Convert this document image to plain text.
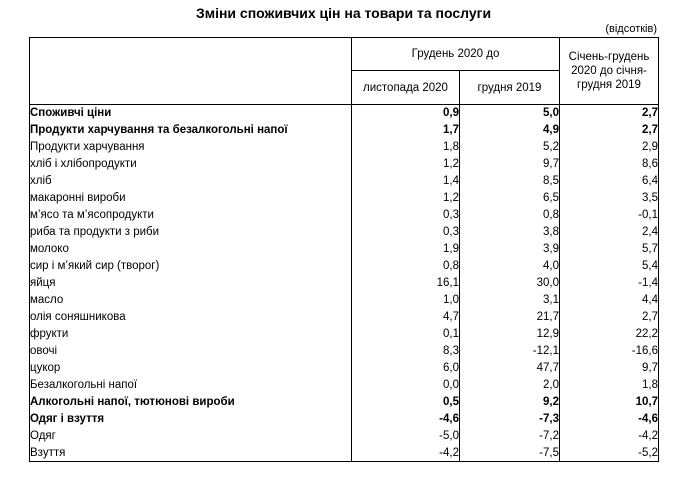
Зміни споживчих цін на товари та послуги
(відсотків)
	Грудень 2020 до		Січень-грудень 2020 до січня-грудня 2019
	листопада 2020	грудня 2019	
Споживчі ціни	0,9	5,0	2,7
Продукти харчування та безалкогольні напої	1,7	4,9	2,7
Продукти харчування	1,8	5,2	2,9
хліб і хлібопродукти	1,2	9,7	8,6
хліб	1,4	8,5	6,4
макаронні вироби	1,2	6,5	3,5
м’ясо та м’ясопродукти	0,3	0,8	-0,1
риба та продукти з риби	0,3	3,8	2,4
молоко	1,9	3,9	5,7
сир і м’який сир (творог)	0,8	4,0	5,4
яйця	16,1	30,0	-1,4
масло	1,0	3,1	4,4
олія соняшникова	4,7	21,7	2,7
фрукти	0,1	12,9	22,2
овочі	8,3	-12,1	-16,6
цукор	6,0	47,7	9,7
Безалкогольні напої	0,0	2,0	1,8
Алкогольні напої, тютюнові вироби	0,5	9,2	10,7
Одяг і взуття	-4,6	-7,3	-4,6
Одяг	-5,0	-7,2	-4,2
Взуття	-4,2	-7,5	-5,2
